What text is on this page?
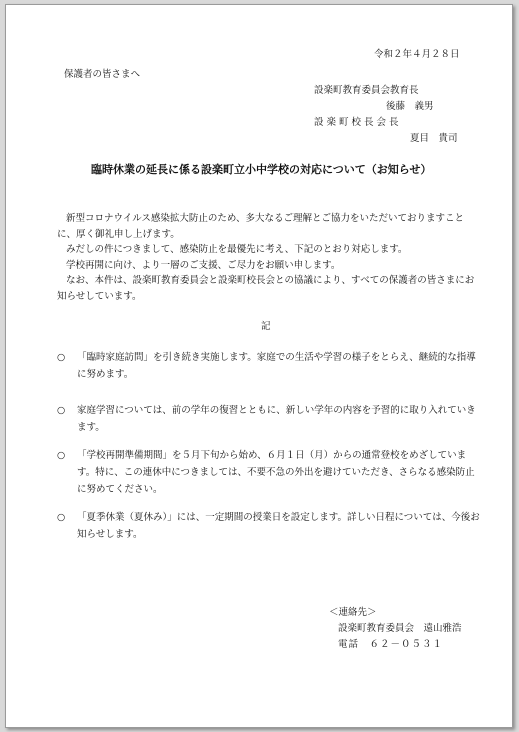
令和２年４月２８日
保護者の皆さまへ
設楽町教育委員会教育長
後藤　義男
設楽町校長会長
夏目　貴司
臨時休業の延長に係る設楽町立小中学校の対応について（お知らせ）

新型コロナウイルス感染拡大防止のため、多大なるご理解とご協力をいただいておりますことに、厚く御礼申し上げます。

みだしの件につきまして、感染防止を最優先に考え、下記のとおり対応します。

学校再開に向け、より一層のご支援、ご尽力をお願い申します。

なお、本件は、設楽町教育委員会と設楽町校長会との協議により、すべての保護者の皆さまにお知らせしています。

記
○ 「臨時家庭訪問」を引き続き実施します。家庭での生活や学習の様子をとらえ、継続的な指導に努めます。
○ 家庭学習については、前の学年の復習とともに、新しい学年の内容を予習的に取り入れていきます。
○ 「学校再開準備期間」を５月下旬から始め、６月１日（月）からの通常登校をめざしています。特に、この連休中につきましては、不要不急の外出を避けていただき、さらなる感染防止に努めてください。
○ 「夏季休業（夏休み）」には、一定期間の授業日を設定します。詳しい日程については、今後お知らせします。
＜連絡先＞
設楽町教育委員会　遠山雅浩
電話　６２－０５３１
